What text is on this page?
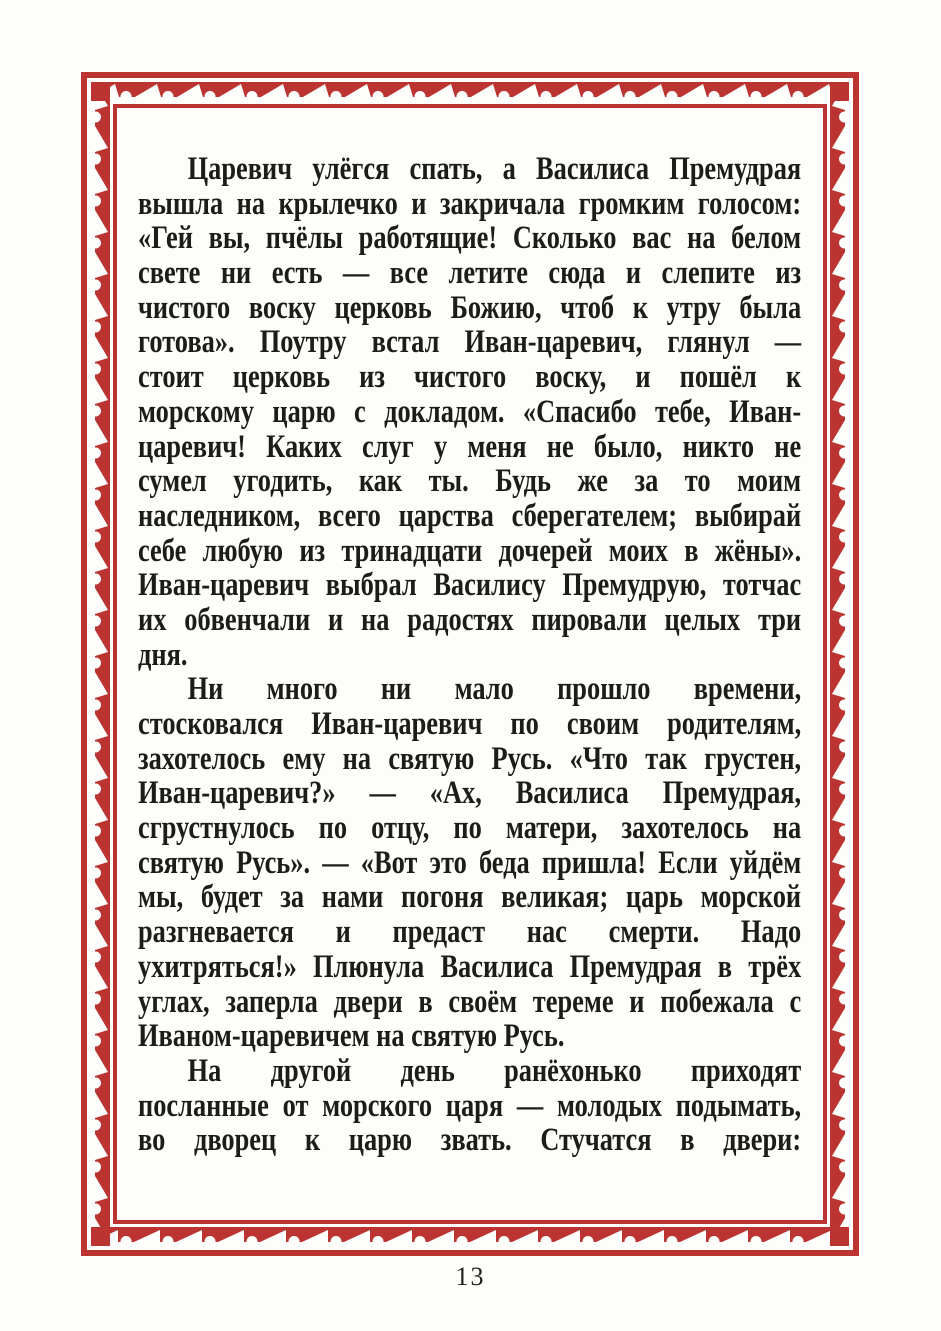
Царевич улёгся спать, а Василиса Премудрая
вышла на крылечко и закричала громким голосом:
«Гей вы, пчёлы работящие! Сколько вас на белом
свете ни есть — все летите сюда и слепите из
чистого воску церковь Божию, чтоб к утру была
готова». Поутру встал Иван-царевич, глянул —
стоит церковь из чистого воску, и пошёл к
морскому царю с докладом. «Спасибо тебе, Иван-
царевич! Каких слуг у меня не было, никто не
сумел угодить, как ты. Будь же за то моим
наследником, всего царства сберегателем; выбирай
себе любую из тринадцати дочерей моих в жёны».
Иван-царевич выбрал Василису Премудрую, тотчас
их обвенчали и на радостях пировали целых три
дня.
Ни много ни мало прошло времени,
стосковался Иван-царевич по своим родителям,
захотелось ему на святую Русь. «Что так грустен,
Иван-царевич?» — «Ах, Василиса Премудрая,
сгрустнулось по отцу, по матери, захотелось на
святую Русь». — «Вот это беда пришла! Если уйдём
мы, будет за нами погоня великая; царь морской
разгневается и предаст нас смерти. Надо
ухитряться!» Плюнула Василиса Премудрая в трёх
углах, заперла двери в своём тереме и побежала с
Иваном-царевичем на святую Русь.
На другой день ранёхонько приходят
посланные от морского царя — молодых подымать,
во дворец к царю звать. Стучатся в двери:
13
